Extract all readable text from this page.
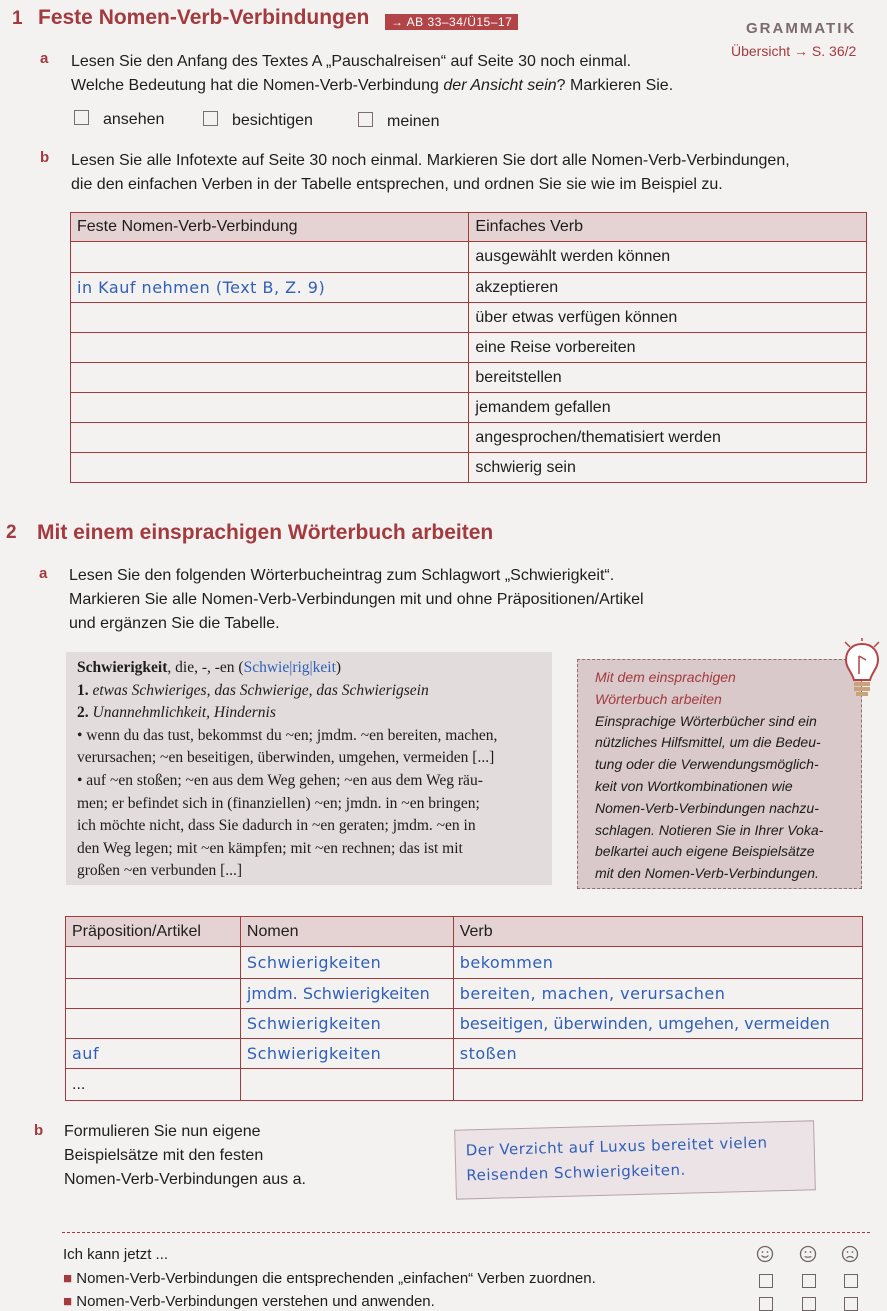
1 Feste Nomen-Verb-Verbindungen	→ AB 33–34/Ü15–17	GRAMMATIK
Übersicht → S. 36/2
a Lesen Sie den Anfang des Textes A „Pauschalreisen“ auf Seite 30 noch einmal.
Welche Bedeutung hat die Nomen-Verb-Verbindung der Ansicht sein? Markieren Sie.
ansehen	besichtigen	meinen
b Lesen Sie alle Infotexte auf Seite 30 noch einmal. Markieren Sie dort alle Nomen-Verb-Verbindungen,
die den einfachen Verben in der Tabelle entsprechen, und ordnen Sie sie wie im Beispiel zu.
Feste Nomen-Verb-Verbindung	Einfaches Verb
	ausgewählt werden können
in Kauf nehmen (Text B, Z. 9)	akzeptieren
	über etwas verfügen können
	eine Reise vorbereiten
	bereitstellen
	jemandem gefallen
	angesprochen/thematisiert werden
	schwierig sein
2 Mit einem einsprachigen Wörterbuch arbeiten
a Lesen Sie den folgenden Wörterbucheintrag zum Schlagwort „Schwierigkeit“.
Markieren Sie alle Nomen-Verb-Verbindungen mit und ohne Präpositionen/Artikel
und ergänzen Sie die Tabelle.
Schwierigkeit, die, -, -en (Schwie|rig|keit)
1. etwas Schwieriges, das Schwierige, das Schwierigsein
2. Unannehmlichkeit, Hindernis
• wenn du das tust, bekommst du ~en; jmdm. ~en bereiten, machen,
verursachen; ~en beseitigen, überwinden, umgehen, vermeiden [...]
• auf ~en stoßen; ~en aus dem Weg gehen; ~en aus dem Weg räu-
men; er befindet sich in (finanziellen) ~en; jmdn. in ~en bringen;
ich möchte nicht, dass Sie dadurch in ~en geraten; jmdm. ~en in
den Weg legen; mit ~en kämpfen; mit ~en rechnen; das ist mit
großen ~en verbunden [...]
Mit dem einsprachigen
Wörterbuch arbeiten
Einsprachige Wörterbücher sind ein
nützliches Hilfsmittel, um die Bedeu-
tung oder die Verwendungsmöglich-
keit von Wortkombinationen wie
Nomen-Verb-Verbindungen nachzu-
schlagen. Notieren Sie in Ihrer Voka-
belkartei auch eigene Beispielsätze
mit den Nomen-Verb-Verbindungen.
Präposition/Artikel	Nomen	Verb
	Schwierigkeiten	bekommen
	jmdm. Schwierigkeiten	bereiten, machen, verursachen
	Schwierigkeiten	beseitigen, überwinden, umgehen, vermeiden
auf	Schwierigkeiten	stoßen
...		
b Formulieren Sie nun eigene
Beispielsätze mit den festen
Nomen-Verb-Verbindungen aus a.
Der Verzicht auf Luxus bereitet vielen
Reisenden Schwierigkeiten.
Ich kann jetzt ...
■ Nomen-Verb-Verbindungen die entsprechenden „einfachen“ Verben zuordnen.
■ Nomen-Verb-Verbindungen verstehen und anwenden.
